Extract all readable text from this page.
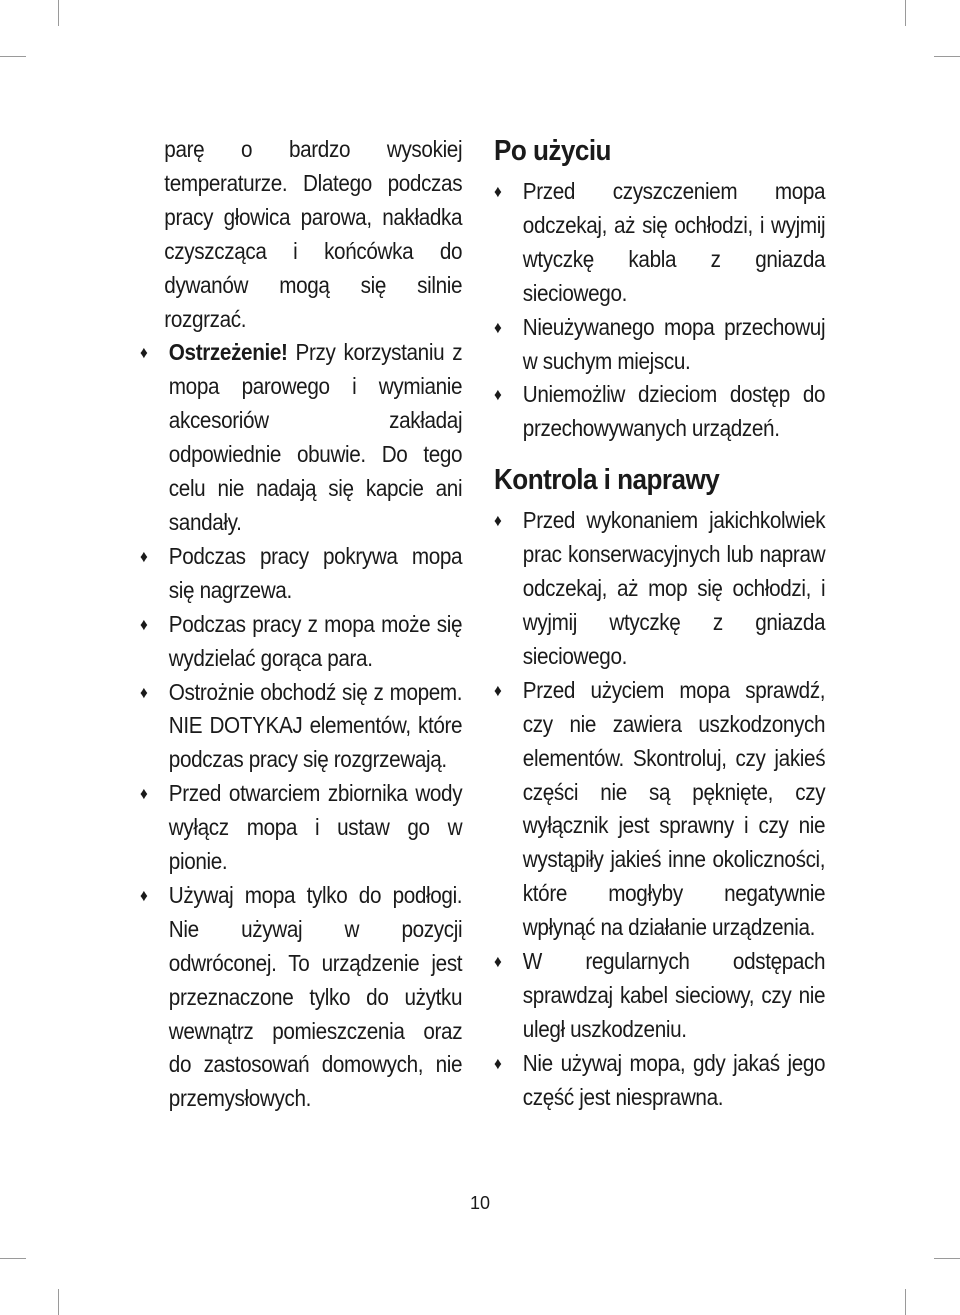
parę o bardzo wysokiej temperaturze. Dlatego podczas pracy głowica parowa, nakładka czyszcząca i końcówka do dywanów mogą się silnie rozgrzać.

♦ Ostrzeżenie! Przy korzystaniu z mopa parowego i wymianie akcesoriów zakładaj odpowiednie obuwie. Do tego celu nie nadają się kapcie ani sandały.

♦ Podczas pracy pokrywa mopa się nagrzewa.

♦ Podczas pracy z mopa może się wydzielać gorąca para.

♦ Ostrożnie obchodź się z mopem. NIE DOTYKAJ elementów, które podczas pracy się rozgrzewają.

♦ Przed otwarciem zbiornika wody wyłącz mopa i ustaw go w pionie.

♦ Używaj mopa tylko do podłogi. Nie używaj w pozycji odwróconej. To urządzenie jest przeznaczone tylko do użytku wewnątrz pomieszczenia oraz do zastosowań domowych, nie przemysłowych.

Po użyciu

♦ Przed czyszczeniem mopa odczekaj, aż się ochłodzi, i wyjmij wtyczkę kabla z gniazda sieciowego.

♦ Nieużywanego mopa przechowuj w suchym miejscu.

♦ Uniemożliw dzieciom dostęp do przechowywanych urządzeń.

Kontrola i naprawy

♦ Przed wykonaniem jakichkolwiek prac konserwacyjnych lub napraw odczekaj, aż mop się ochłodzi, i wyjmij wtyczkę z gniazda sieciowego.

♦ Przed użyciem mopa sprawdź, czy nie zawiera uszkodzonych elementów. Skontroluj, czy jakieś części nie są pęknięte, czy wyłącznik jest sprawny i czy nie wystąpiły jakieś inne okoliczności, które mogłyby negatywnie wpłynąć na działanie urządzenia.

♦ W regularnych odstępach sprawdzaj kabel sieciowy, czy nie uległ uszkodzeniu.

♦ Nie używaj mopa, gdy jakaś jego część jest niesprawna.

10
